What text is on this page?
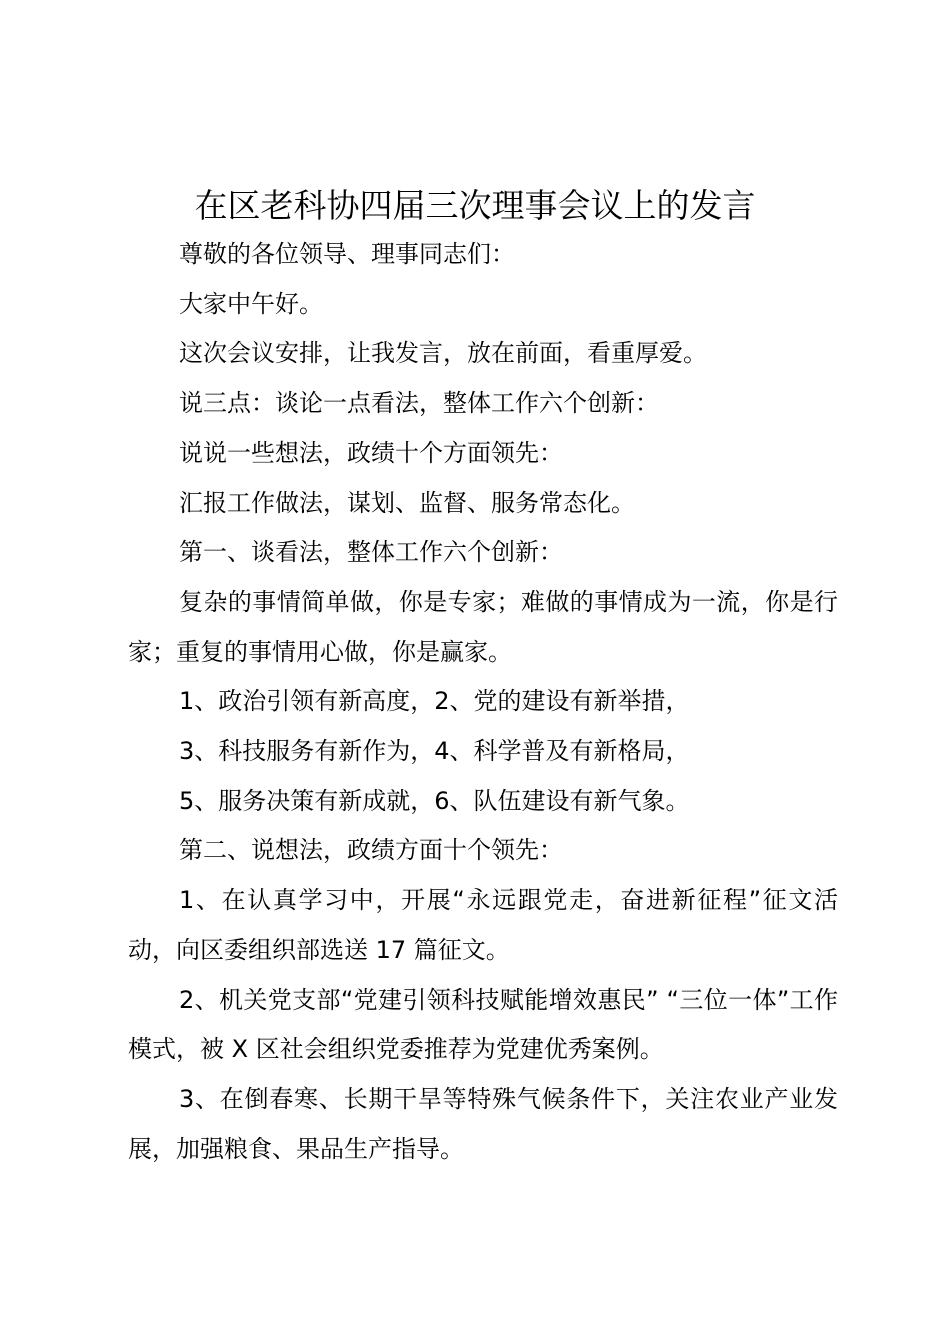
在区老科协四届三次理事会议上的发言

尊敬的各位领导、理事同志们：

大家中午好。

这次会议安排，让我发言，放在前面，看重厚爱。

说三点：谈论一点看法，整体工作六个创新：

说说一些想法，政绩十个方面领先：

汇报工作做法，谋划、监督、服务常态化。

第一、谈看法，整体工作六个创新：

复杂的事情简单做，你是专家；难做的事情成为一流，你是行家；重复的事情用心做，你是赢家。

1、政治引领有新高度，2、党的建设有新举措，

3、科技服务有新作为，4、科学普及有新格局，

5、服务决策有新成就，6、队伍建设有新气象。

第二、说想法，政绩方面十个领先：

1、在认真学习中，开展“永远跟党走，奋进新征程”征文活动，向区委组织部选送 17 篇征文。

2、机关党支部“党建引领科技赋能增效惠民” “三位一体”工作模式，被 X 区社会组织党委推荐为党建优秀案例。

3、在倒春寒、长期干旱等特殊气候条件下，关注农业产业发展，加强粮食、果品生产指导。
